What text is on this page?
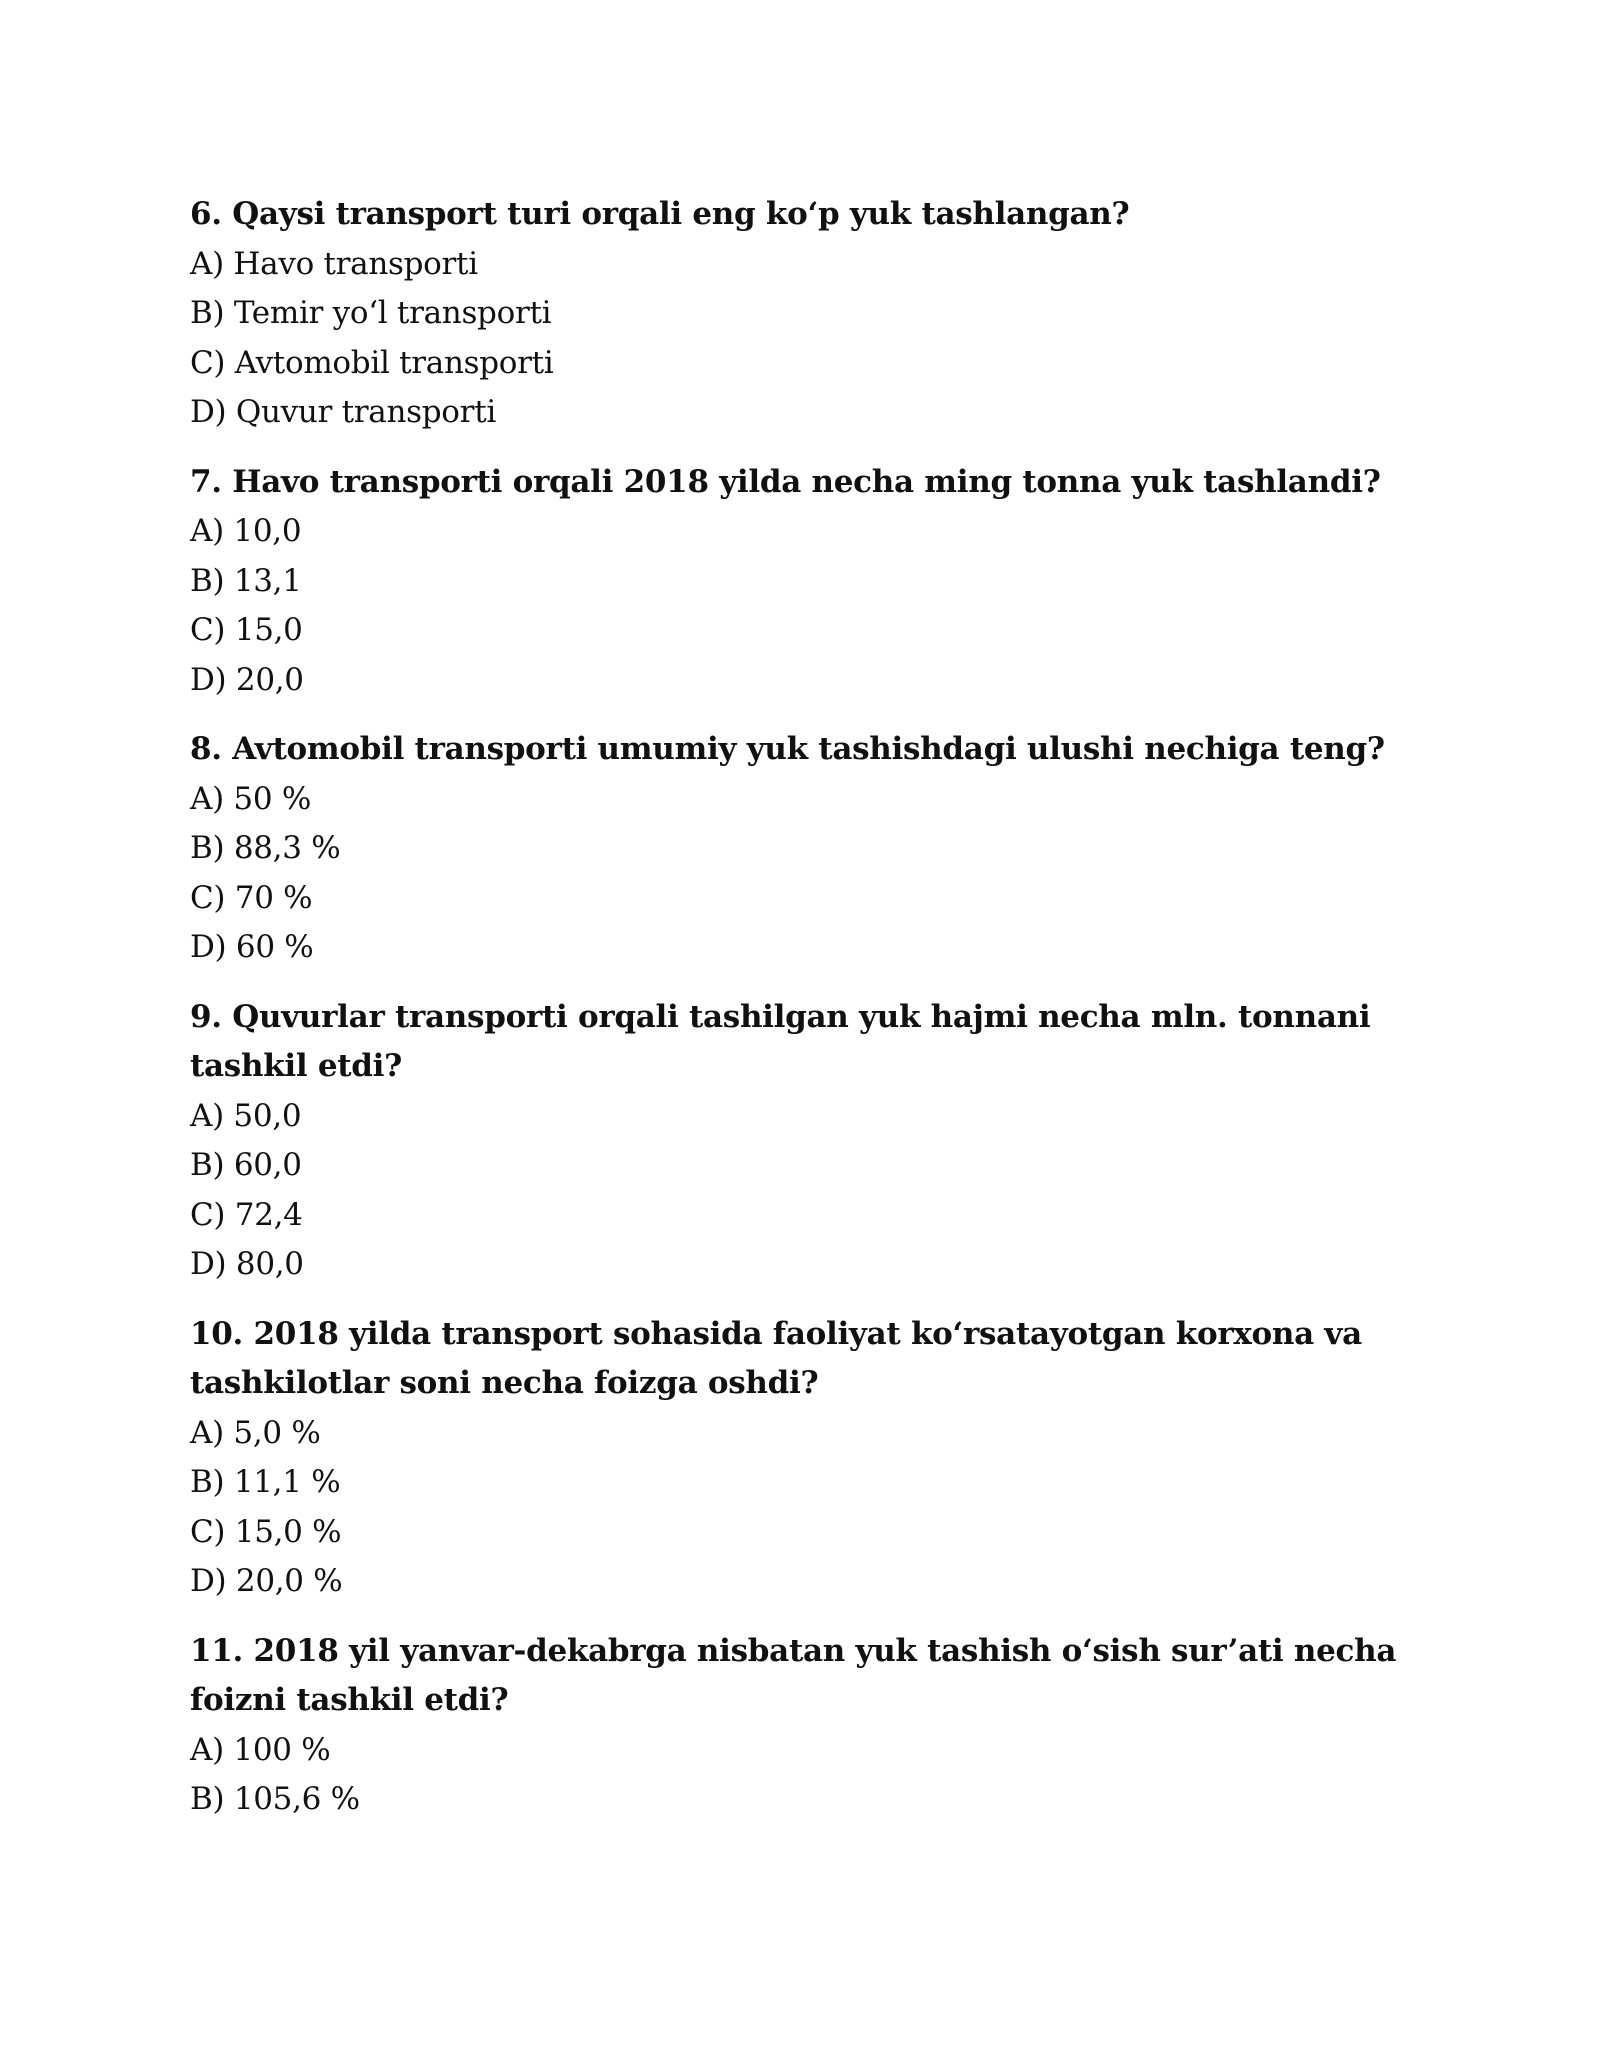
6. Qaysi transport turi orqali eng ko‘p yuk tashlangan?

A) Havo transporti

B) Temir yo‘l transporti

C) Avtomobil transporti

D) Quvur transporti

7. Havo transporti orqali 2018 yilda necha ming tonna yuk tashlandi?

A) 10,0

B) 13,1

C) 15,0

D) 20,0

8. Avtomobil transporti umumiy yuk tashishdagi ulushi nechiga teng?

A) 50 %

B) 88,3 %

C) 70 %

D) 60 %

9. Quvurlar transporti orqali tashilgan yuk hajmi necha mln. tonnani tashkil etdi?

A) 50,0

B) 60,0

C) 72,4

D) 80,0

10. 2018 yilda transport sohasida faoliyat ko‘rsatayotgan korxona va tashkilotlar soni necha foizga oshdi?

A) 5,0 %

B) 11,1 %

C) 15,0 %

D) 20,0 %

11. 2018 yil yanvar-dekabrga nisbatan yuk tashish o‘sish sur’ati necha foizni tashkil etdi?

A) 100 %

B) 105,6 %
